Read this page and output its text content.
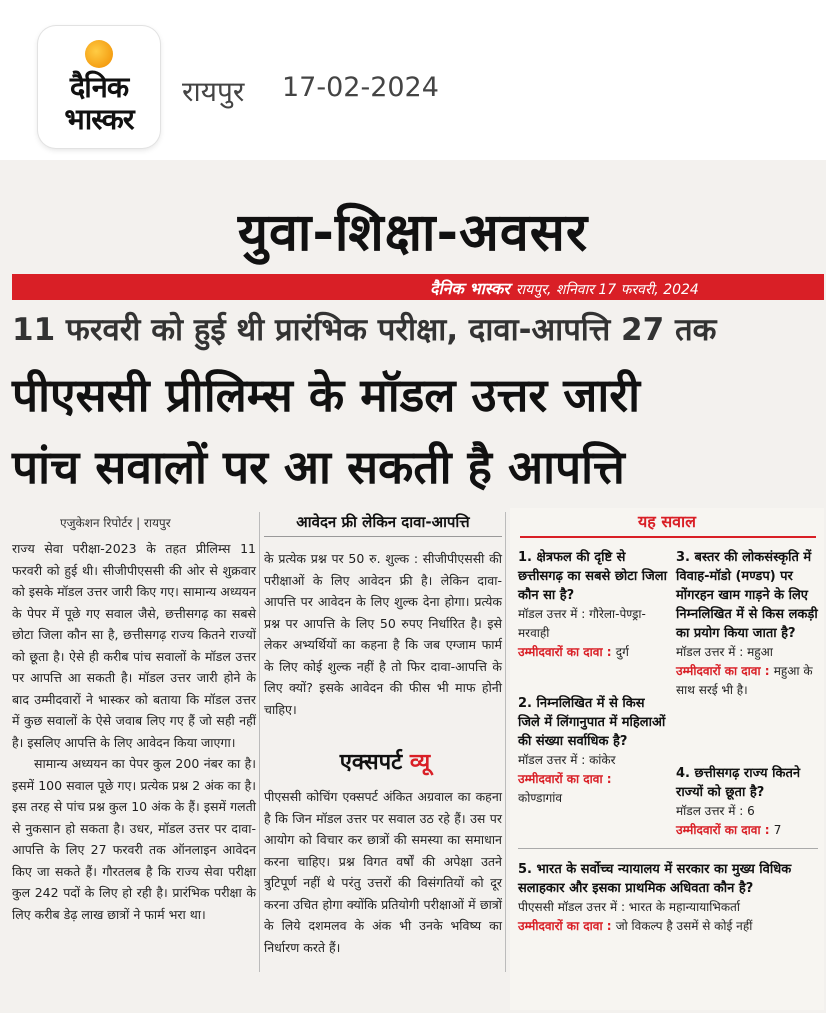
दैनिक
भास्कर
रायपुर 17-02-2024
युवा-शिक्षा-अवसर
दैनिक भास्कर रायपुर, शनिवार 17 फरवरी, 2024
11 फरवरी को हुई थी प्रारंभिक परीक्षा, दावा-आपत्ति 27 तक
पीएससी प्रीलिम्स के मॉडल उत्तर जारी
पांच सवालों पर आ सकती है आपत्ति
एजुकेशन रिपोर्टर | रायपुर

राज्य सेवा परीक्षा-2023 के तहत प्रीलिम्स 11 फरवरी को हुई थी। सीजीपीएससी की ओर से शुक्रवार को इसके मॉडल उत्तर जारी किए गए। सामान्य अध्ययन के पेपर में पूछे गए सवाल जैसे, छत्तीसगढ़ का सबसे छोटा जिला कौन सा है, छत्तीसगढ़ राज्य कितने राज्यों को छूता है। ऐसे ही करीब पांच सवालों के मॉडल उत्तर पर आपत्ति आ सकती है। मॉडल उत्तर जारी होने के बाद उम्मीदवारों ने भास्कर को बताया कि मॉडल उत्तर में कुछ सवालों के ऐसे जवाब लिए गए हैं जो सही नहीं है। इसलिए आपत्ति के लिए आवेदन किया जाएगा।

सामान्य अध्ययन का पेपर कुल 200 नंबर का है। इसमें 100 सवाल पूछे गए। प्रत्येक प्रश्न 2 अंक का है। इस तरह से पांच प्रश्न कुल 10 अंक के हैं। इसमें गलती से नुकसान हो सकता है। उधर, मॉडल उत्तर पर दावा-आपत्ति के लिए 27 फरवरी तक ऑनलाइन आवेदन किए जा सकते हैं। गौरतलब है कि राज्य सेवा परीक्षा कुल 242 पदों के लिए हो रही है। प्रारंभिक परीक्षा के लिए करीब डेढ़ लाख छात्रों ने फार्म भरा था।

आवेदन फ्री लेकिन दावा-आपत्ति

के प्रत्येक प्रश्न पर 50 रु. शुल्क : सीजीपीएससी की परीक्षाओं के लिए आवेदन फ्री है। लेकिन दावा-आपत्ति पर आवेदन के लिए शुल्क देना होगा। प्रत्येक प्रश्न पर आपत्ति के लिए 50 रुपए निर्धारित है। इसे लेकर अभ्यर्थियों का कहना है कि जब एग्जाम फार्म के लिए कोई शुल्क नहीं है तो फिर दावा-आपत्ति के लिए क्यों? इसके आवेदन की फीस भी माफ होनी चाहिए।

एक्सपर्ट व्यू

पीएससी कोचिंग एक्सपर्ट अंकित अग्रवाल का कहना है कि जिन मॉडल उत्तर पर सवाल उठ रहे हैं। उस पर आयोग को विचार कर छात्रों की समस्या का समाधान करना चाहिए। प्रश्न विगत वर्षों की अपेक्षा उतने त्रुटिपूर्ण नहीं थे परंतु उत्तरों की विसंगतियों को दूर करना उचित होगा क्योंकि प्रतियोगी परीक्षाओं में छात्रों के लिये दशमलव के अंक भी उनके भविष्य का निर्धारण करते हैं।

यह सवाल
1. क्षेत्रफल की दृष्टि से छत्तीसगढ़ का सबसे छोटा जिला कौन सा है?
मॉडल उत्तर में : गौरेला-पेण्ड्रा-मरवाही
उम्मीदवारों का दावा : दुर्ग
2. निम्नलिखित में से किस जिले में लिंगानुपात में महिलाओं की संख्या सर्वाधिक है?
मॉडल उत्तर में : कांकेर
उम्मीदवारों का दावा :
कोण्डागांव
3. बस्तर की लोकसंस्कृति में विवाह-मॉडो (मण्डप) पर मोंगरहन खाम गाड़ने के लिए निम्नलिखित में से किस लकड़ी का प्रयोग किया जाता है?
मॉडल उत्तर में : महुआ
उम्मीदवारों का दावा : महुआ के साथ सरई भी है।
4. छत्तीसगढ़ राज्य कितने राज्यों को छूता है?
मॉडल उत्तर में : 6
उम्मीदवारों का दावा : 7
5. भारत के सर्वोच्च न्यायालय में सरकार का मुख्य विधिक सलाहकार और इसका प्राथमिक अधिवता कौन है?
पीएससी मॉडल उत्तर में : भारत के महान्यायाभिकर्ता
उम्मीदवारों का दावा : जो विकल्प है उसमें से कोई नहीं
